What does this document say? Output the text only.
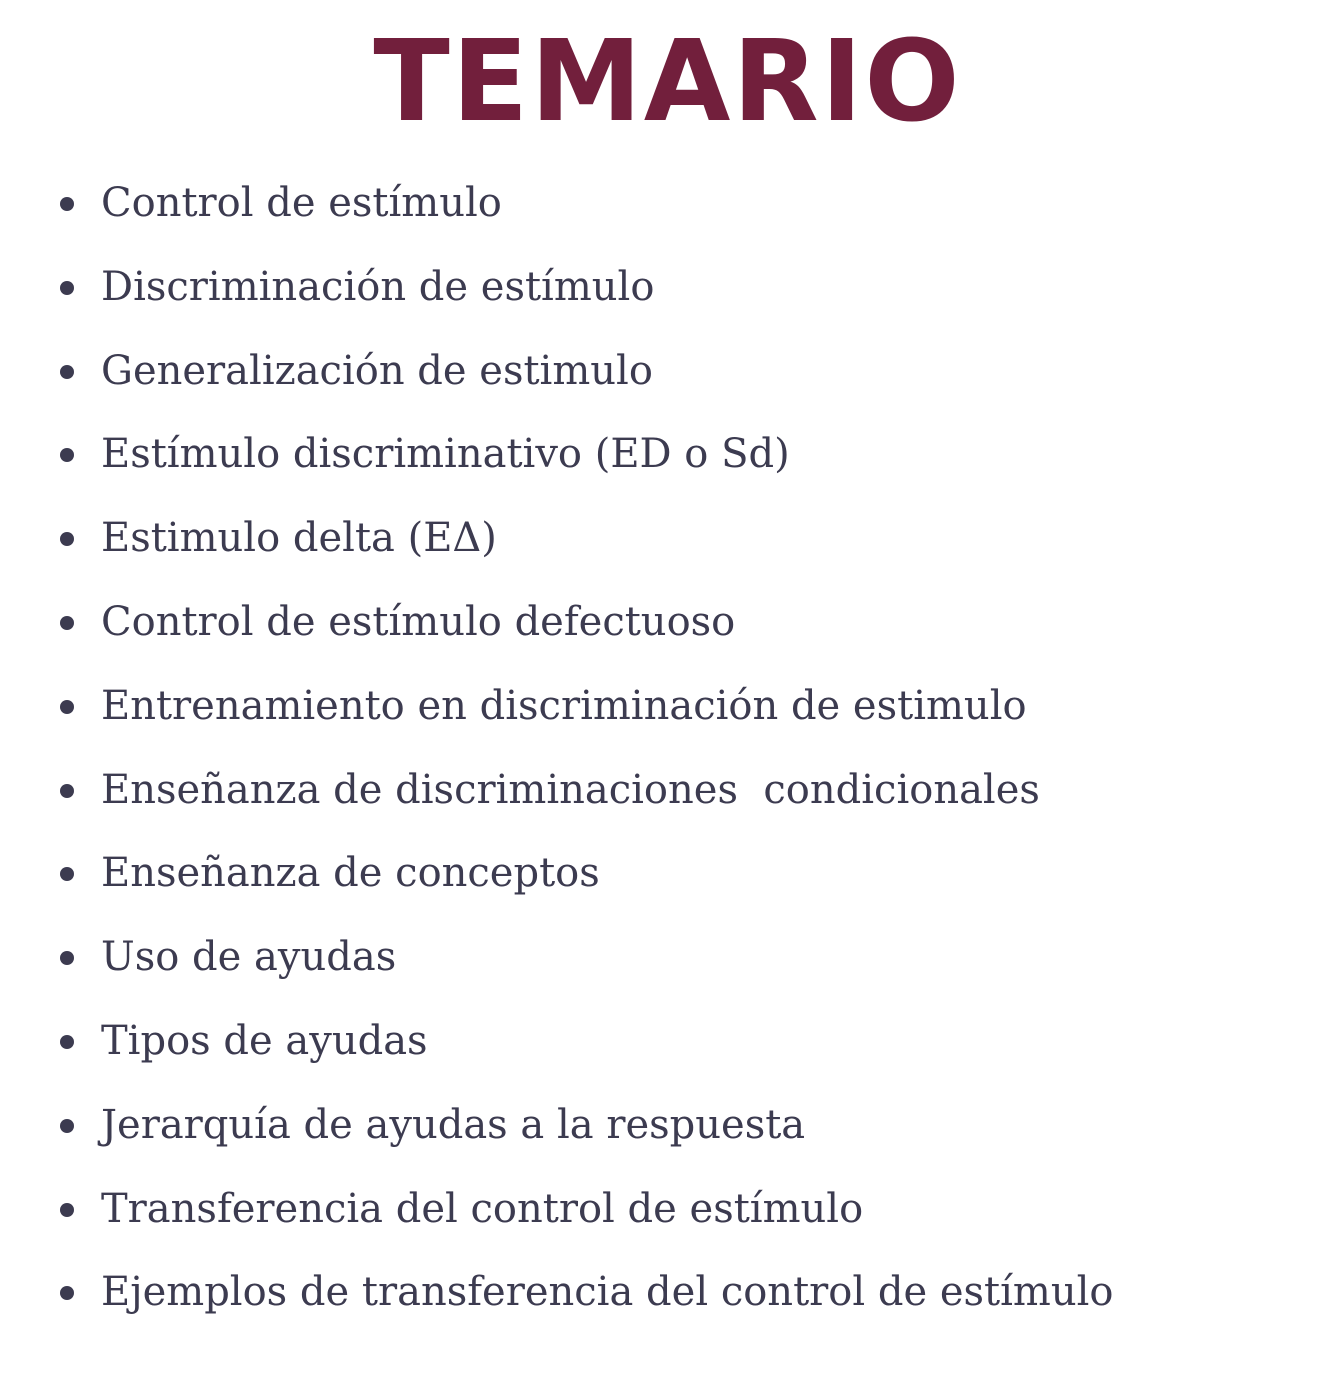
TEMARIO
Control de estímulo
Discriminación de estímulo
Generalización de estimulo
Estímulo discriminativo (ED o Sd)
Estimulo delta (EΔ)
Control de estímulo defectuoso
Entrenamiento en discriminación de estimulo
Enseñanza de discriminaciones  condicionales
Enseñanza de conceptos
Uso de ayudas
Tipos de ayudas
Jerarquía de ayudas a la respuesta
Transferencia del control de estímulo
Ejemplos de transferencia del control de estímulo
